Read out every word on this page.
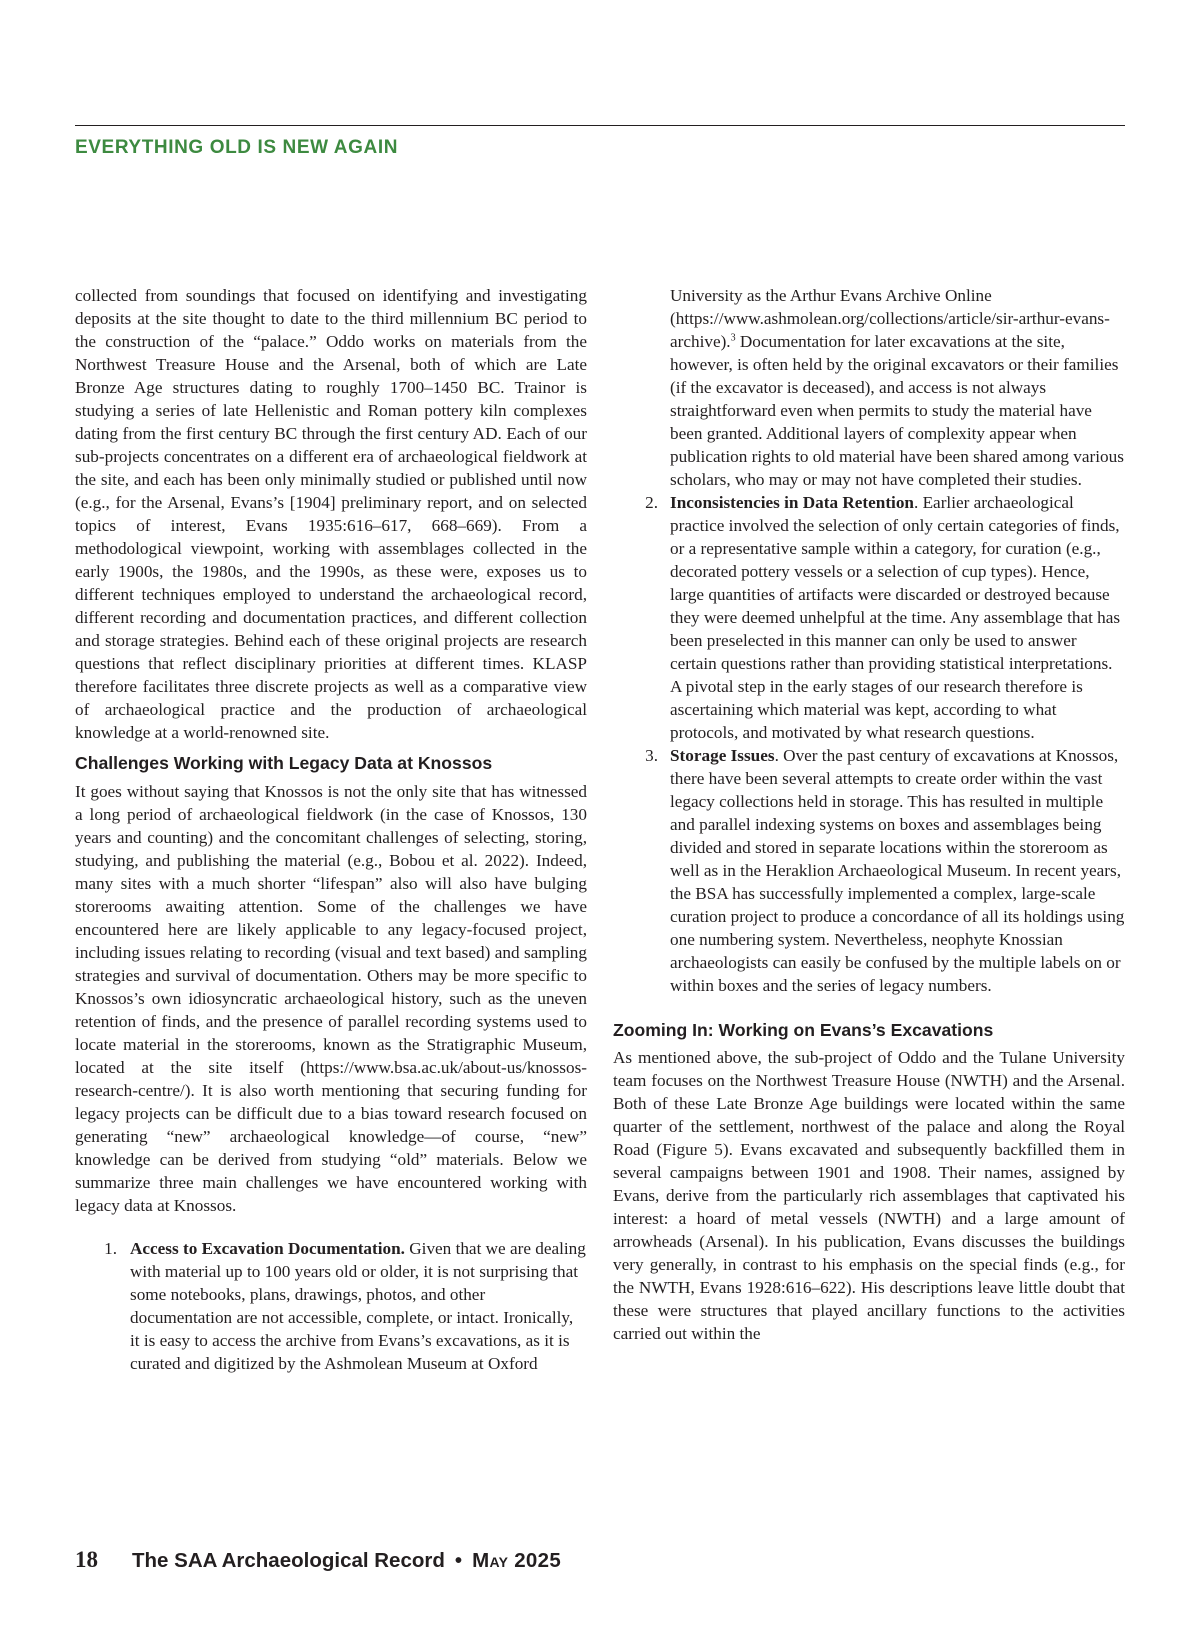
EVERYTHING OLD IS NEW AGAIN

collected from soundings that focused on identifying and investigating deposits at the site thought to date to the third millennium BC period to the construction of the “palace.” Oddo works on materials from the Northwest Treasure House and the Arsenal, both of which are Late Bronze Age structures dating to roughly 1700–1450 BC. Trainor is studying a series of late Hellenistic and Roman pottery kiln complexes dating from the first century BC through the first century AD. Each of our sub-projects concentrates on a different era of archaeological fieldwork at the site, and each has been only minimally studied or published until now (e.g., for the Arsenal, Evans’s [1904] preliminary report, and on selected topics of interest, Evans 1935:616–617, 668–669). From a methodological viewpoint, working with assemblages collected in the early 1900s, the 1980s, and the 1990s, as these were, exposes us to different techniques employed to understand the archaeological record, different recording and documentation practices, and different collection and storage strategies. Behind each of these original projects are research questions that reflect disciplinary priorities at different times. KLASP therefore facilitates three discrete projects as well as a comparative view of archaeological practice and the production of archaeological knowledge at a world-renowned site.

Challenges Working with Legacy Data at Knossos

It goes without saying that Knossos is not the only site that has witnessed a long period of archaeological fieldwork (in the case of Knossos, 130 years and counting) and the concomitant challenges of selecting, storing, studying, and publishing the material (e.g., Bobou et al. 2022). Indeed, many sites with a much shorter “lifespan” also will also have bulging storerooms awaiting attention. Some of the challenges we have encountered here are likely applicable to any legacy-focused project, including issues relating to recording (visual and text based) and sampling strategies and survival of documentation. Others may be more specific to Knossos’s own idiosyncratic archaeological history, such as the uneven retention of finds, and the presence of parallel recording systems used to locate material in the storerooms, known as the Stratigraphic Museum, located at the site itself (https://www.bsa.ac.uk/about-us/knossos-research-centre/). It is also worth mentioning that securing funding for legacy projects can be difficult due to a bias toward research focused on generating “new” archaeological knowledge—of course, “new” knowledge can be derived from studying “old” materials. Below we summarize three main challenges we have encountered working with legacy data at Knossos.

1. Access to Excavation Documentation. Given that we are dealing with material up to 100 years old or older, it is not surprising that some notebooks, plans, drawings, photos, and other documentation are not accessible, complete, or intact. Ironically, it is easy to access the archive from Evans’s excavations, as it is curated and digitized by the Ashmolean Museum at Oxford
University as the Arthur Evans Archive Online (https://www.ashmolean.org/collections/article/sir-arthur-evans-archive).$^3$ Documentation for later excavations at the site, however, is often held by the original excavators or their families (if the excavator is deceased), and access is not always straightforward even when permits to study the material have been granted. Additional layers of complexity appear when publication rights to old material have been shared among various scholars, who may or may not have completed their studies.
2. Inconsistencies in Data Retention. Earlier archaeological practice involved the selection of only certain categories of finds, or a representative sample within a category, for curation (e.g., decorated pottery vessels or a selection of cup types). Hence, large quantities of artifacts were discarded or destroyed because they were deemed unhelpful at the time. Any assemblage that has been preselected in this manner can only be used to answer certain questions rather than providing statistical interpretations. A pivotal step in the early stages of our research therefore is ascertaining which material was kept, according to what protocols, and motivated by what research questions.
3. Storage Issues. Over the past century of excavations at Knossos, there have been several attempts to create order within the vast legacy collections held in storage. This has resulted in multiple and parallel indexing systems on boxes and assemblages being divided and stored in separate locations within the storeroom as well as in the Heraklion Archaeological Museum. In recent years, the BSA has successfully implemented a complex, large-scale curation project to produce a concordance of all its holdings using one numbering system. Nevertheless, neophyte Knossian archaeologists can easily be confused by the multiple labels on or within boxes and the series of legacy numbers.
Zooming In: Working on Evans’s Excavations

As mentioned above, the sub-project of Oddo and the Tulane University team focuses on the Northwest Treasure House (NWTH) and the Arsenal. Both of these Late Bronze Age buildings were located within the same quarter of the settlement, northwest of the palace and along the Royal Road (Figure 5). Evans excavated and subsequently backfilled them in several campaigns between 1901 and 1908. Their names, assigned by Evans, derive from the particularly rich assemblages that captivated his interest: a hoard of metal vessels (NWTH) and a large amount of arrowheads (Arsenal). In his publication, Evans discusses the buildings very generally, in contrast to his emphasis on the special finds (e.g., for the NWTH, Evans 1928:616–622). His descriptions leave little doubt that these were structures that played ancillary functions to the activities carried out within the

18 The SAA Archaeological Record • May 2025
